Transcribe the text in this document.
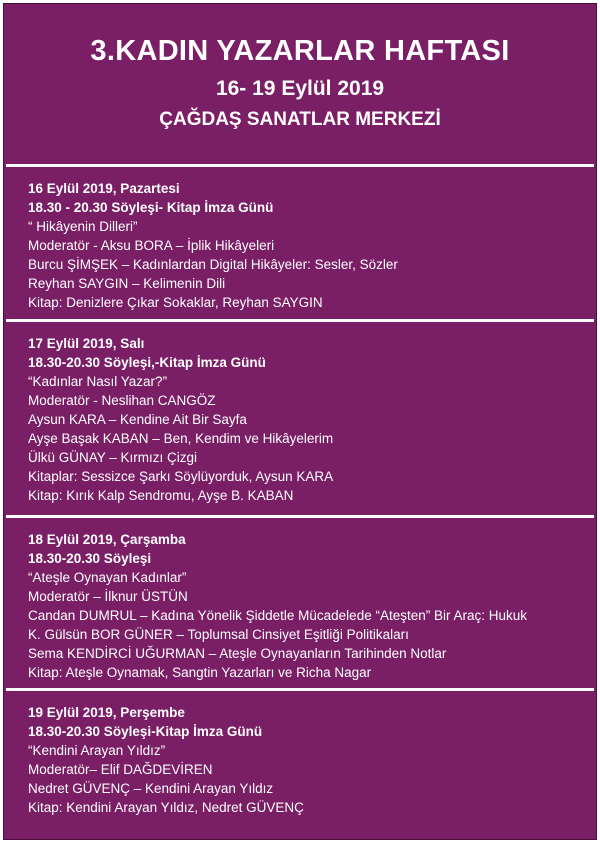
3.KADIN YAZARLAR HAFTASI
16- 19 Eylül 2019
ÇAĞDAŞ SANATLAR MERKEZİ
16 Eylül 2019, Pazartesi
18.30 - 20.30 Söyleşi- Kitap İmza Günü
“ Hikâyenin Dilleri”
Moderatör - Aksu BORA – İplik Hikâyeleri
Burcu ŞİMŞEK – Kadınlardan Digital Hikâyeler: Sesler, Sözler
Reyhan SAYGIN – Kelimenin Dili
Kitap: Denizlere Çıkar Sokaklar, Reyhan SAYGIN
17 Eylül 2019, Salı
18.30-20.30 Söyleşi,-Kitap İmza Günü
“Kadınlar Nasıl Yazar?”
Moderatör - Neslihan CANGÖZ
Aysun KARA – Kendine Ait Bir Sayfa
Ayşe Başak KABAN – Ben, Kendim ve Hikâyelerim
Ülkü GÜNAY – Kırmızı Çizgi
Kitaplar: Sessizce Şarkı Söylüyorduk, Aysun KARA
Kitap: Kırık Kalp Sendromu, Ayşe B. KABAN
18 Eylül 2019, Çarşamba
18.30-20.30 Söyleşi
“Ateşle Oynayan Kadınlar”
Moderatör – İlknur ÜSTÜN
Candan DUMRUL – Kadına Yönelik Şiddetle Mücadelede “Ateşten” Bir Araç: Hukuk
K. Gülsün BOR GÜNER – Toplumsal Cinsiyet Eşitliği Politikaları
Sema KENDİRCİ UĞURMAN – Ateşle Oynayanların Tarihinden Notlar
Kitap: Ateşle Oynamak, Sangtin Yazarları ve Richa Nagar
19 Eylül 2019, Perşembe
18.30-20.30 Söyleşi-Kitap İmza Günü
“Kendini Arayan Yıldız”
Moderatör– Elif DAĞDEVİREN
Nedret GÜVENÇ – Kendini Arayan Yıldız
Kitap: Kendini Arayan Yıldız, Nedret GÜVENÇ
